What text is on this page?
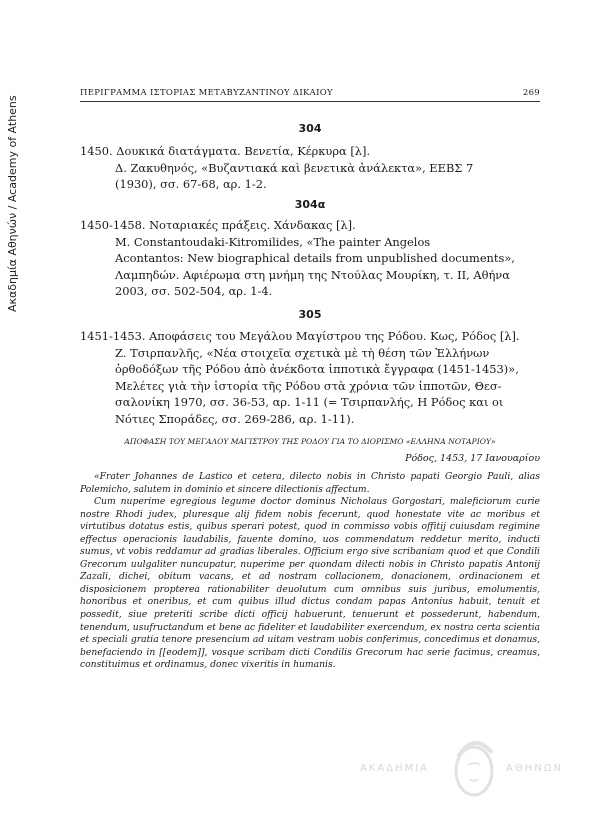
Ακαδημία Αθηνών / Academy of Athens
ΠΕΡΙΓΡΑΜΜΑ ΙΣΤΟΡΙΑΣ ΜΕΤΑΒΥΖΑΝΤΙΝΟΥ ΔΙΚΑΙΟΥ	269
304
1450. Δουκικά διατάγματα. Βενετία, Κέρκυρα [λ].
Δ. Ζακυθηνός, «Βυζαντιακά καὶ βενετικὰ ἀνάλεκτα», ΕΕΒΣ 7
(1930), σσ. 67-68, αρ. 1-2.
304α
1450-1458. Νοταριακές πράξεις. Χάνδακας [λ].
M. Constantoudaki-Kitromilides, «The painter Angelos
Acontantos: New biographical details from unpublished documents»,
Λαμπηδών. Αφιέρωμα στη μνήμη της Ντούλας Μουρίκη, τ. ΙΙ, Αθήνα
2003, σσ. 502-504, αρ. 1-4.
305
1451-1453. Αποφάσεις του Μεγάλου Μαγίστρου της Ρόδου. Κως, Ρόδος [λ].
Ζ. Τσιρπανλῆς, «Νέα στοιχεῖα σχετικὰ μὲ τὴ θέση τῶν Ἑλλήνων
ὀρθοδόξων τῆς Ρόδου ἀπὸ ἀνέκδοτα ἱπποτικὰ ἔγγραφα (1451-1453)»,
Μελέτες γιὰ τὴν ἱστορία τῆς Ρόδου στὰ χρόνια τῶν ἱπποτῶν, Θεσ-
σαλονίκη 1970, σσ. 36-53, αρ. 1-11 (= Τσιρπανλής, Η Ρόδος και οι
Νότιες Σποράδες, σσ. 269-286, αρ. 1-11).
ΑΠΟΦΑΣΗ ΤΟΥ ΜΕΓΑΛΟΥ ΜΑΓΙΣΤΡΟΥ ΤΗΣ ΡΟΔΟΥ ΓΙΑ ΤΟ ΔΙΟΡΙΣΜΟ «ΕΛΛΗΝΑ ΝΟΤΑΡΙΟΥ»
Ρόδος, 1453, 17 Ιανουαρίου

«Frater Johannes de Lastico et cetera, dilecto nobis in Christo papati Georgio Pauli, alias Polemicho, salutem in dominio et sincere dilectionis affectum.

Cum nuperime egregious legume doctor dominus Nicholaus Gorgostari, maleficiorum curie nostre Rhodi judex, pluresque alij fidem nobis fecerunt, quod honestate vite ac moribus et virtutibus dotatus estis, quibus sperari potest, quod in commisso vobis offitij cuiusdam regimine effectus operacionis laudabilis, fauente domino, uos commendatum reddetur merito, inducti sumus, vt vobis reddamur ad gradias liberales. Officium ergo sive scribaniam quod et que Condili Grecorum uulgaliter nuncupatur, nuperime per quondam dilecti nobis in Christo papatis Antonij Zazali, dichei, obitum vacans, et ad nostram collacionem, donacionem, ordinacionem et disposicionem propterea rationabiliter deuolutum cum omnibus suis juribus, emolumentis, honoribus et oneribus, et cum quibus illud dictus condam papas Antonius habuit, tenuit et possedit, siue preteriti scribe dicti officij habuerunt, tenuerunt et possederunt, habendum, tenendum, usufructandum et bene ac fideliter et laudabiliter exercendum, ex nostra certa scientia et speciali gratia tenore presencium ad uitam vestram uobis conferimus, concedimus et donamus, benefaciendo in [[eodem]], vosque scribam dicti Condilis Grecorum hac serie facimus, creamus, constituimus et ordinamus, donec vixeritis in humanis.

ΑΚΑΔΗΜΙΑ	ΑΘΗΝΩΝ
